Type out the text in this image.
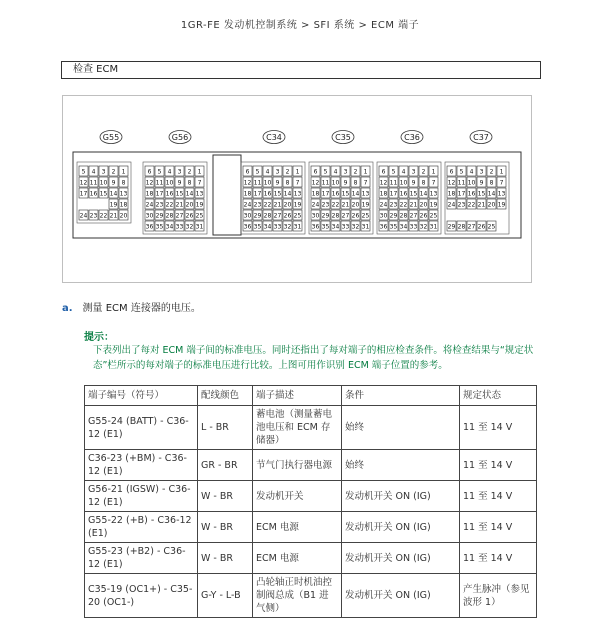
1GR-FE 发动机控制系统 > SFI 系统 > ECM 端子
检查 ECM
G55	G56	C34	C35	C36	C37
5 4 3 2 1
12 11 10 9 8
17 16 15 14 13
19 18
24 23 22 21 20
6 5 4 3 2 1
12 11 10 9 8 7
18 17 16 15 14 13
24 23 22 21 20 19
30 29 28 27 26 25
36 35 34 33 32 31
6 5 4 3 2 1
12 11 10 9 8 7
18 17 16 15 14 13
24 23 22 21 20 19
30 29 28 27 26 25
36 35 34 33 32 31
6 5 4 3 2 1
12 11 10 9 8 7
18 17 16 15 14 13
24 23 22 21 20 19
30 29 28 27 26 25
36 35 34 33 32 31
6 5 4 3 2 1
12 11 10 9 8 7
18 17 16 15 14 13
24 23 22 21 20 19
30 29 28 27 26 25
36 35 34 33 32 31
6 5 4 3 2 1
12 11 10 9 8 7
18 17 16 15 14 13
24 23 22 21 20 19
29 28 27 26 25
a. 测量 ECM 连接器的电压。
提示：
下表列出了每对 ECM 端子间的标准电压。同时还指出了每对端子的相应检查条件。将检查结果与“规定状态”栏所示的每对端子的标准电压进行比较。上图可用作识别 ECM 端子位置的参考。
端子编号（符号）	配线颜色	端子描述	条件	规定状态
G55-24 (BATT) - C36-12 (E1)	L - BR	蓄电池（测量蓄电池电压和 ECM 存储器）	始终	11 至 14 V
C36-23 (+BM) - C36-12 (E1)	GR - BR	节气门执行器电源	始终	11 至 14 V
G56-21 (IGSW) - C36-12 (E1)	W - BR	发动机开关	发动机开关 ON (IG)	11 至 14 V
G55-22 (+B) - C36-12 (E1)	W - BR	ECM 电源	发动机开关 ON (IG)	11 至 14 V
G55-23 (+B2) - C36-12 (E1)	W - BR	ECM 电源	发动机开关 ON (IG)	11 至 14 V
C35-19 (OC1+) - C35-20 (OC1-)	G-Y - L-B	凸轮轴正时机油控制阀总成（B1 进气侧）	发动机开关 ON (IG)	产生脉冲（参见波形 1）
